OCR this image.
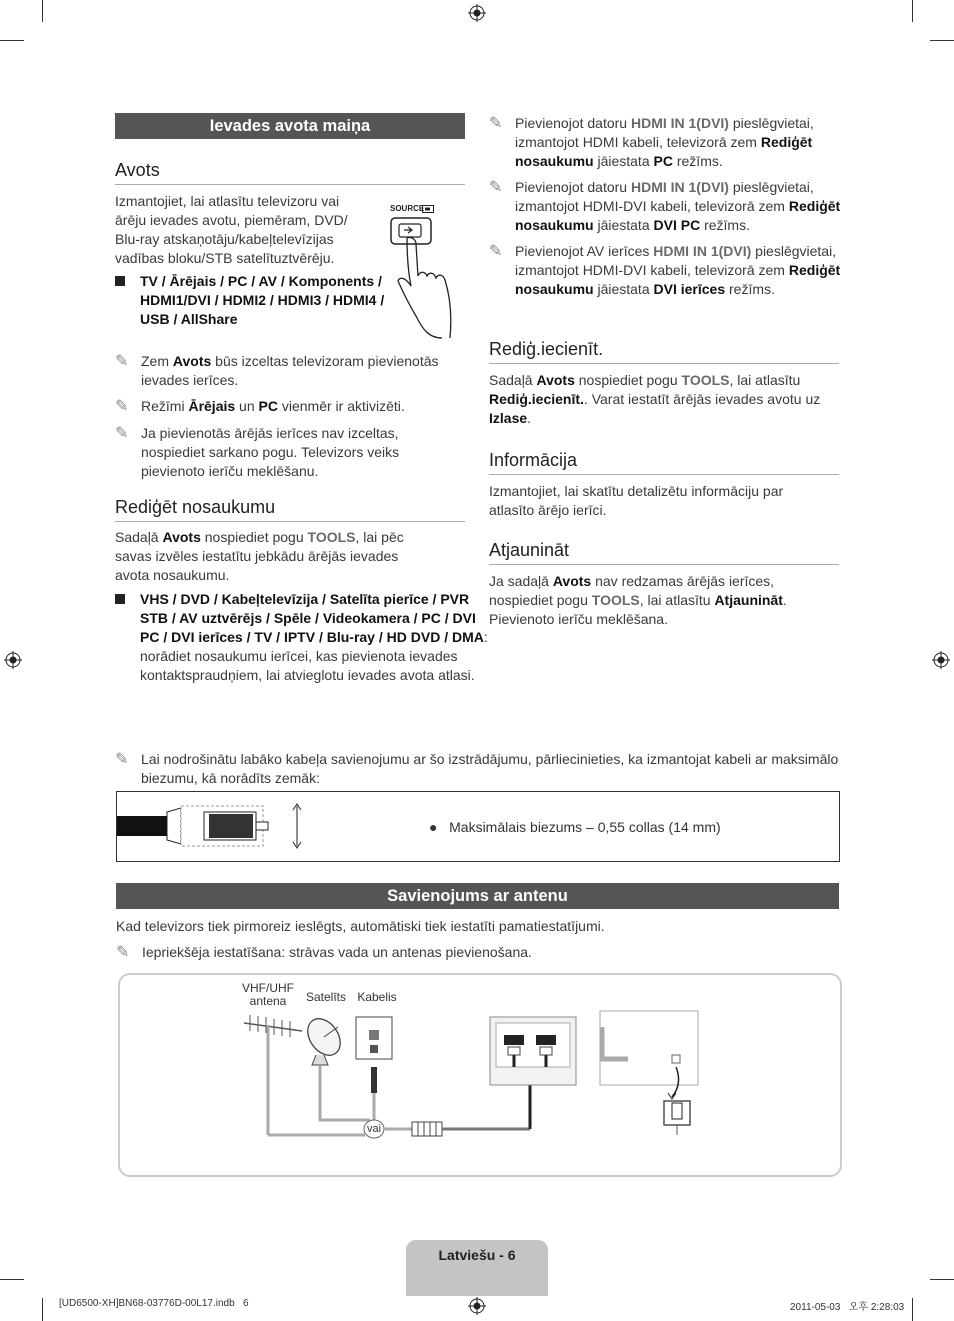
Ievades avota maiņa
Avots

Izmantojiet, lai atlasītu televizoru vai ārēju ievades avotu, piemēram, DVD/ Blu-ray atskaņotāju/kabeļtelevīzijas vadības bloku/STB satelītuztvērēju.

SOURCE
TV / Ārējais / PC / AV / Komponents / HDMI1/DVI / HDMI2 / HDMI3 / HDMI4 / USB / AllShare
✎ Zem Avots būs izceltas televizoram pievienotās ievades ierīces.
✎ Režīmi Ārējais un PC vienmēr ir aktivizēti.
✎ Ja pievienotās ārējās ierīces nav izceltas, nospiediet sarkano pogu. Televizors veiks pievienoto ierīču meklēšanu.
Rediģēt nosaukumu

Sadaļā Avots nospiediet pogu TOOLS, lai pēc savas izvēles iestatītu jebkādu ārējās ievades avota nosaukumu.

VHS / DVD / Kabeļtelevīzija / Satelīta pierīce / PVR STB / AV uztvērējs / Spēle / Videokamera / PC / DVI PC / DVI ierīces / TV / IPTV / Blu-ray / HD DVD / DMA: norādiet nosaukumu ierīcei, kas pievienota ievades kontaktspraudņiem, lai atvieglotu ievades avota atlasi.
✎ Pievienojot datoru HDMI IN 1(DVI) pieslēgvietai, izmantojot HDMI kabeli, televizorā zem Rediģēt nosaukumu jāiestata PC režīms.
✎ Pievienojot datoru HDMI IN 1(DVI) pieslēgvietai, izmantojot HDMI-DVI kabeli, televizorā zem Rediģēt nosaukumu jāiestata DVI PC režīms.
✎ Pievienojot AV ierīces HDMI IN 1(DVI) pieslēgvietai, izmantojot HDMI-DVI kabeli, televizorā zem Rediģēt nosaukumu jāiestata DVI ierīces režīms.
Rediģ.iecienīt.

Sadaļā Avots nospiediet pogu TOOLS, lai atlasītu Rediģ.iecienīt.. Varat iestatīt ārējās ievades avotu uz Izlase.

Informācija

Izmantojiet, lai skatītu detalizētu informāciju par atlasīto ārējo ierīci.

Atjaunināt

Ja sadaļā Avots nav redzamas ārējās ierīces, nospiediet pogu TOOLS, lai atlasītu Atjaunināt. Pievienoto ierīču meklēšana.

✎ Lai nodrošinātu labāko kabeļa savienojumu ar šo izstrādājumu, pārliecinieties, ka izmantojat kabeli ar maksimālo biezumu, kā norādīts zemāk:
●   Maksimālais biezums – 0,55 collas (14 mm)
Savienojums ar antenu

Kad televizors tiek pirmoreiz ieslēgts, automātiski tiek iestatīti pamatiestatījumi.

✎ Iepriekšēja iestatīšana: strāvas vada un antenas pievienošana.
VHF/UHF antena	Satelīts Kabelis
vai
Latviešu - 6
[UD6500-XH]BN68-03776D-00L17.indb   6	2011-05-03   오후 2:28:03
